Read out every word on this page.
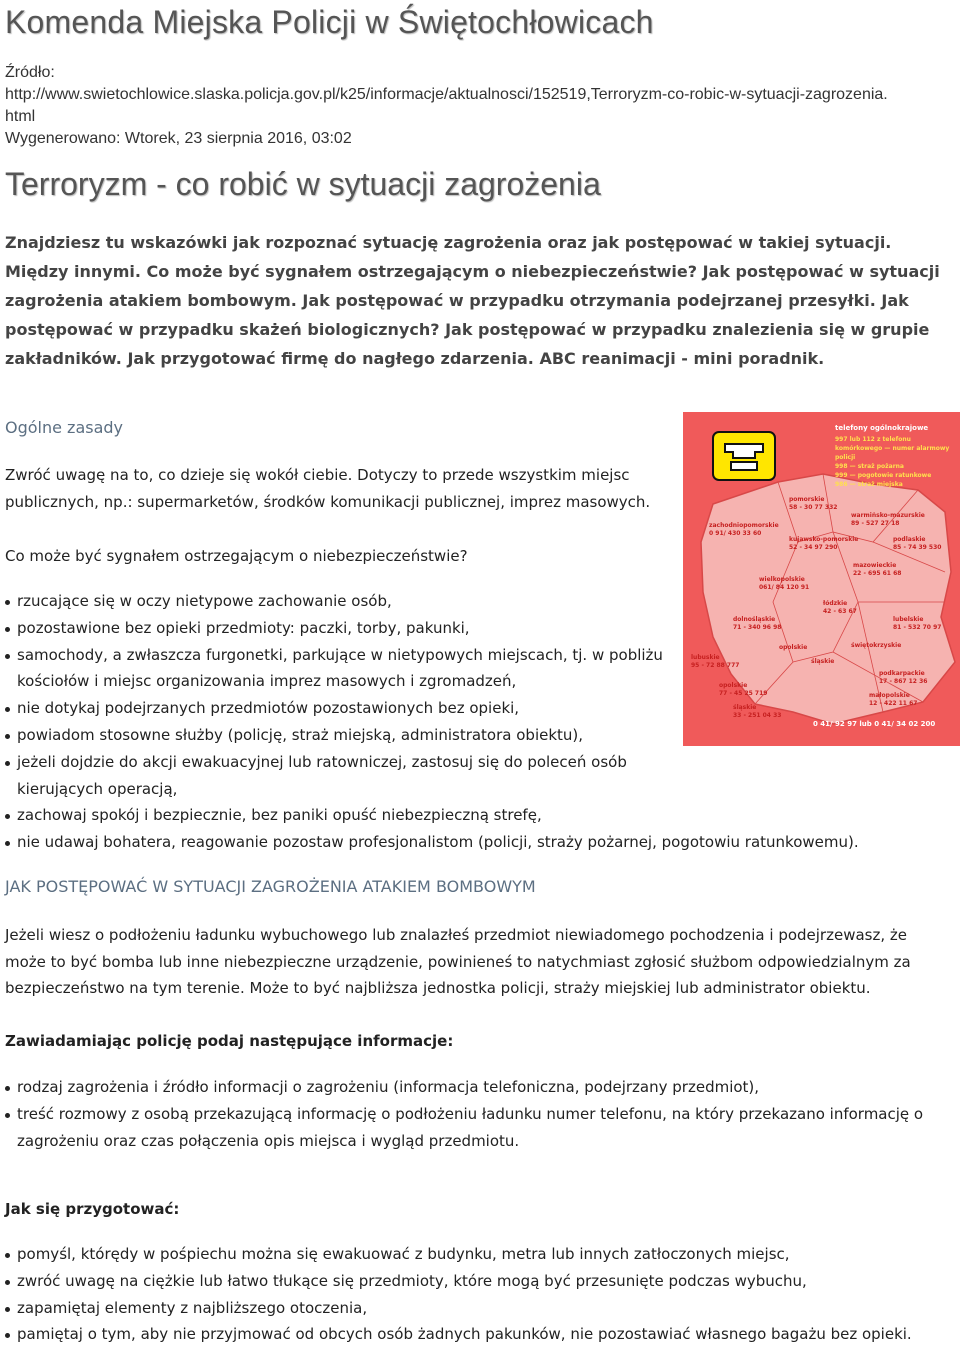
Komenda Miejska Policji w Świętochłowicach
Źródło:
http://www.swietochlowice.slaska.policja.gov.pl/k25/informacje/aktualnosci/152519,Terroryzm-co-robic-w-sytuacji-zagrozenia.
html
Wygenerowano: Wtorek, 23 sierpnia 2016, 03:02
Terroryzm - co robić w sytuacji zagrożenia
Znajdziesz tu wskazówki jak rozpoznać sytuację zagrożenia oraz jak postępować w takiej sytuacji. Między innymi. Co może być sygnałem ostrzegającym o niebezpieczeństwie? Jak postępować w sytuacji zagrożenia atakiem bombowym. Jak postępować w przypadku otrzymania podejrzanej przesyłki. Jak postępować w przypadku skażeń biologicznych? Jak postępować w przypadku znalezienia się w grupie zakładników. Jak przygotować firmę do nagłego zdarzenia. ABC reanimacji - mini poradnik.
Ogólne zasady
Zwróć uwagę na to, co dzieje się wokół ciebie. Dotyczy to przede wszystkim miejsc
publicznych, np.: supermarketów, środków komunikacji publicznej, imprez masowych.
Co może być sygnałem ostrzegającym o niebezpieczeństwie?
rzucające się w oczy nietypowe zachowanie osób,
pozostawione bez opieki przedmioty: paczki, torby, pakunki,
samochody, a zwłaszcza furgonetki, parkujące w nietypowych miejscach, tj. w pobliżu kościołów i miejsc organizowania imprez masowych i zgromadzeń,
nie dotykaj podejrzanych przedmiotów pozostawionych bez opieki,
powiadom stosowne służby (policję, straż miejską, administratora obiektu),
jeżeli dojdzie do akcji ewakuacyjnej lub ratowniczej, zastosuj się do poleceń osób kierujących operacją,
zachowaj spokój i bezpiecznie, bez paniki opuść niebezpieczną strefę,
nie udawaj bohatera, reagowanie pozostaw profesjonalistom (policji, straży pożarnej, pogotowiu ratunkowemu).
telefony ogólnokrajowe
997 lub 112 z telefonu komórkowego — numer alarmowy policji
998 — straż pożarna
999 — pogotowie ratunkowe
986 — straż miejska
pomorskie
58 - 30 77 332
warmińsko-mazurskie
89 - 527 27 18
zachodniopomorskie
0 91/ 430 33 60
kujawsko-pomorskie
52 - 34 97 290
podlaskie
85 - 74 39 530
mazowieckie
22 - 695 61 68
wielkopolskie
061/ 84 120 91
łódzkie
42 - 63 67
dolnośląskie
71 - 340 96 98
lubelskie
81 - 532 70 97
opolskie	świętokrzyskie
śląskie
podkarpackie
17 - 867 12 36
małopolskie
12 - 422 11 67
lubuskie
95 - 72 88 777
opolskie
77 - 45 25 719
śląskie
33 - 251 04 33
0 41/ 92 97 lub 0 41/ 34 02 200
JAK POSTĘPOWAĆ W SYTUACJI ZAGROŻENIA ATAKIEM BOMBOWYM
Jeżeli wiesz o podłożeniu ładunku wybuchowego lub znalazłeś przedmiot niewiadomego pochodzenia i podejrzewasz, że może to być bomba lub inne niebezpieczne urządzenie, powinieneś to natychmiast zgłosić służbom odpowiedzialnym za bezpieczeństwo na tym terenie. Może to być najbliższa jednostka policji, straży miejskiej lub administrator obiektu.
Zawiadamiając policję podaj następujące informacje:
rodzaj zagrożenia i źródło informacji o zagrożeniu (informacja telefoniczna, podejrzany przedmiot),
treść rozmowy z osobą przekazującą informację o podłożeniu ładunku numer telefonu, na który przekazano informację o zagrożeniu oraz czas połączenia opis miejsca i wygląd przedmiotu.
Jak się przygotować:
pomyśl, którędy w pośpiechu można się ewakuować z budynku, metra lub innych zatłoczonych miejsc,
zwróć uwagę na ciężkie lub łatwo tłukące się przedmioty, które mogą być przesunięte podczas wybuchu,
zapamiętaj elementy z najbliższego otoczenia,
pamiętaj o tym, aby nie przyjmować od obcych osób żadnych pakunków, nie pozostawiać własnego bagażu bez opieki.
